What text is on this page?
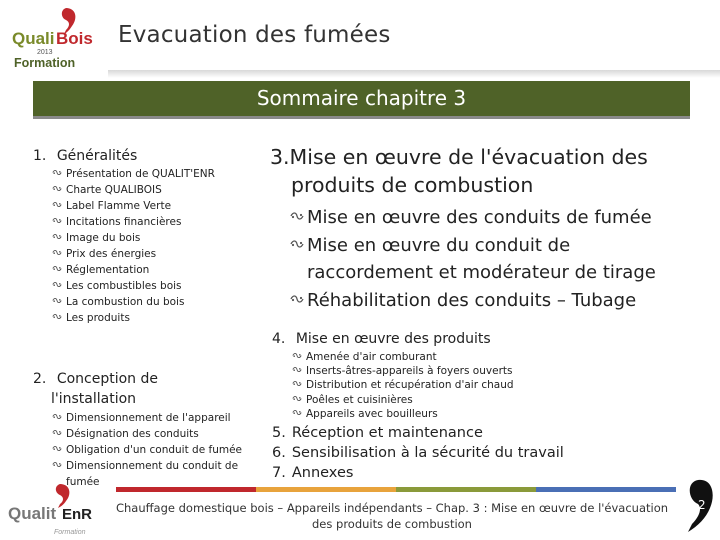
Quali Bois
2013
Formation
Evacuation des fumées
Sommaire chapitre 3
1. Généralités
Présentation de QUALIT'ENR
Charte QUALIBOIS
Label Flamme Verte
Incitations financières
Image du bois
Prix des énergies
Réglementation
Les combustibles bois
La combustion du bois
Les produits
2. Conception de
l'installation
Dimensionnement de l'appareil
Désignation des conduits
Obligation d'un conduit de fumée
Dimensionnement du conduit de
fumée
3.Mise en œuvre de l'évacuation des
produits de combustion
Mise en œuvre des conduits de fumée
Mise en œuvre du conduit de
raccordement et modérateur de tirage
Réhabilitation des conduits – Tubage
4. Mise en œuvre des produits
Amenée d'air comburant
Inserts-âtres-appareils à foyers ouverts
Distribution et récupération d'air chaud
Poêles et cuisinières
Appareils avec bouilleurs
5. Réception et maintenance
6. Sensibilisation à la sécurité du travail
7. Annexes
Qualit EnR
Formation
Chauffage domestique bois – Appareils indépendants – Chap. 3 : Mise en œuvre de l'évacuation
des produits de combustion
2
